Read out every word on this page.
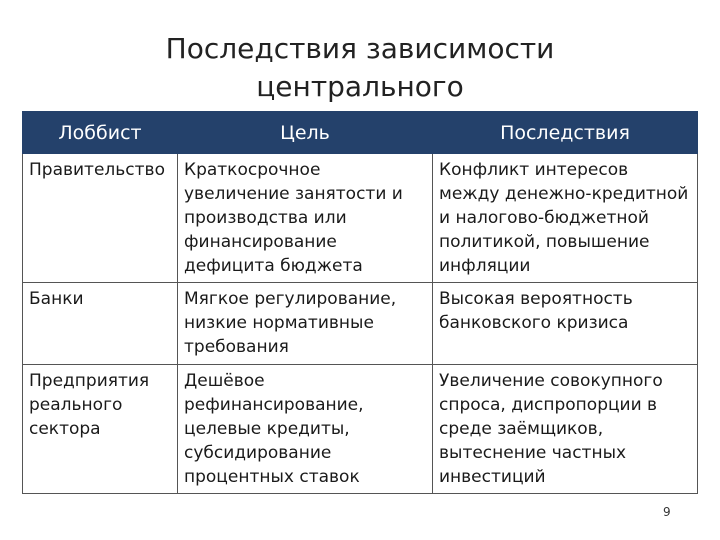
Последствия зависимости центрального
Лоббист	Цель	Последствия
Правительство	Краткосрочное увеличение занятости и производства или финансирование дефицита бюджета	Конфликт интересов между денежно-кредитной и налогово-бюджетной политикой, повышение инфляции
Банки	Мягкое регулирование, низкие нормативные требования	Высокая вероятность банковского кризиса
Предприятия реального сектора	Дешёвое рефинансирование, целевые кредиты, субсидирование процентных ставок	Увеличение совокупного спроса, диспропорции в среде заёмщиков, вытеснение частных инвестиций
9
